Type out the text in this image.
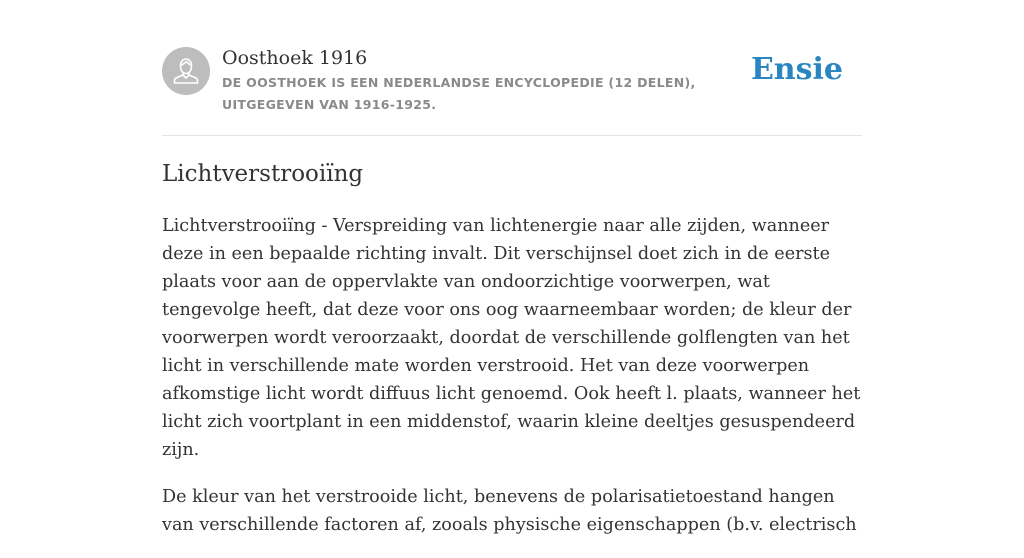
Oosthoek 1916
DE OOSTHOEK IS EEN NEDERLANDSE ENCYCLOPEDIE (12 DELEN), UITGEGEVEN VAN 1916-1925.
Ensie
Lichtverstrooiïng

Lichtverstrooiïng - Verspreiding van lichtenergie naar alle zijden, wanneer deze in een bepaalde richting invalt. Dit verschijnsel doet zich in de eerste plaats voor aan de oppervlakte van ondoorzichtige voorwerpen, wat tengevolge heeft, dat deze voor ons oog waarneembaar worden; de kleur der voorwerpen wordt veroorzaakt, doordat de verschillende golflengten van het licht in verschillende mate worden verstrooid. Het van deze voorwerpen afkomstige licht wordt diffuus licht genoemd. Ook heeft l. plaats, wanneer het licht zich voortplant in een middenstof, waarin kleine deeltjes gesuspendeerd zijn.

De kleur van het verstrooide licht, benevens de polarisatietoestand hangen van verschillende factoren af, zooals physische eigenschappen (b.v. electrisch
